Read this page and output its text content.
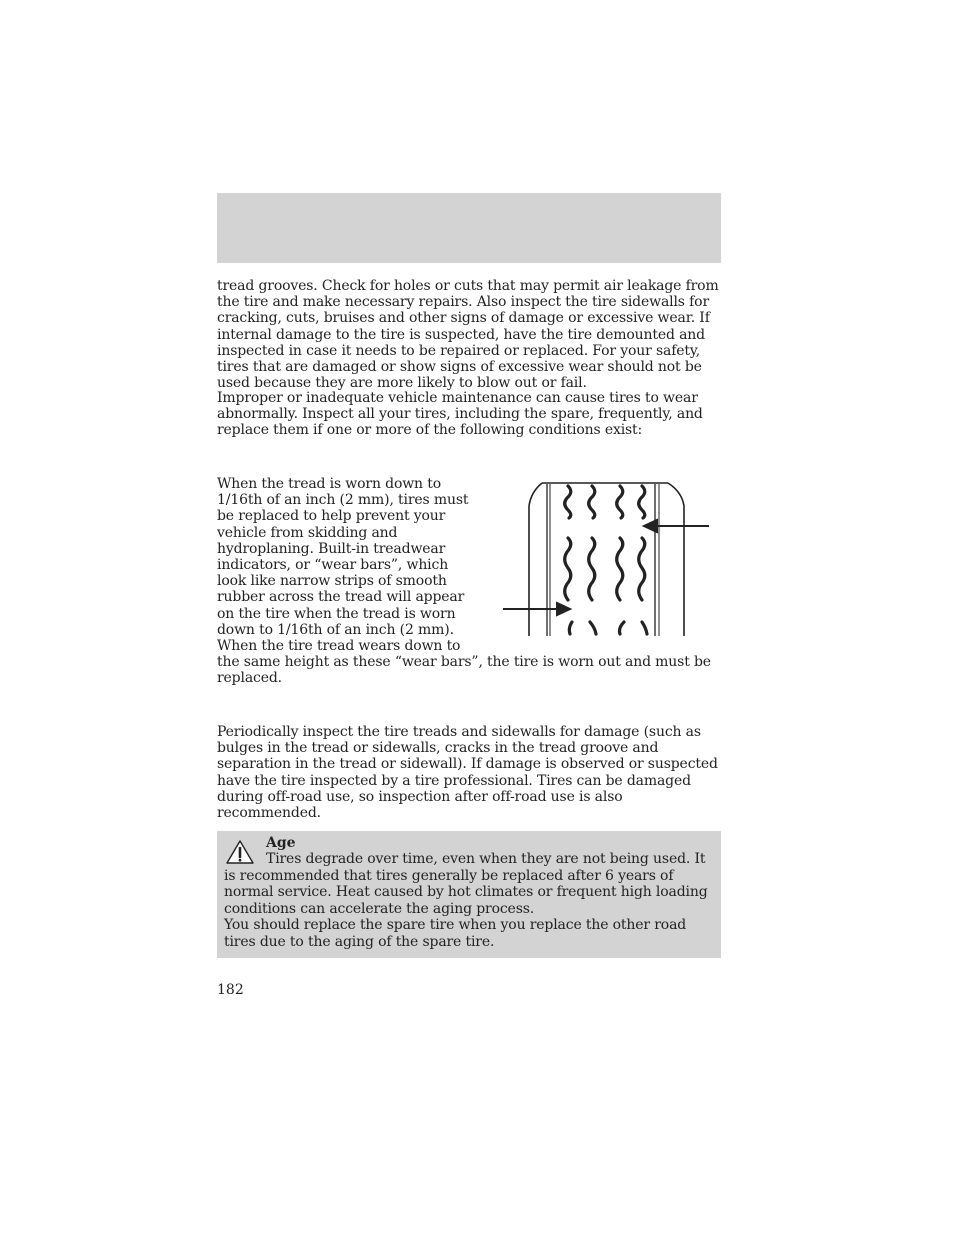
tread grooves. Check for holes or cuts that may permit air leakage from the tire and make necessary repairs. Also inspect the tire sidewalls for cracking, cuts, bruises and other signs of damage or excessive wear. If internal damage to the tire is suspected, have the tire demounted and inspected in case it needs to be repaired or replaced. For your safety, tires that are damaged or show signs of excessive wear should not be used because they are more likely to blow out or fail.

Improper or inadequate vehicle maintenance can cause tires to wear abnormally. Inspect all your tires, including the spare, frequently, and replace them if one or more of the following conditions exist:

When the tread is worn down to
1/16th of an inch (2 mm), tires must
be replaced to help prevent your
vehicle from skidding and
hydroplaning. Built-in treadwear
indicators, or “wear bars”, which
look like narrow strips of smooth
rubber across the tread will appear
on the tire when the tread is worn
down to 1/16th of an inch (2 mm).
When the tire tread wears down to
the same height as these “wear bars”, the tire is worn out and must be replaced.

Periodically inspect the tire treads and sidewalls for damage (such as bulges in the tread or sidewalls, cracks in the tread groove and separation in the tread or sidewall). If damage is observed or suspected have the tire inspected by a tire professional. Tires can be damaged during off-road use, so inspection after off-road use is also recommended.

Age

Tires degrade over time, even when they are not being used. It is recommended that tires generally be replaced after 6 years of normal service. Heat caused by hot climates or frequent high loading conditions can accelerate the aging process.
You should replace the spare tire when you replace the other road tires due to the aging of the spare tire.

182
